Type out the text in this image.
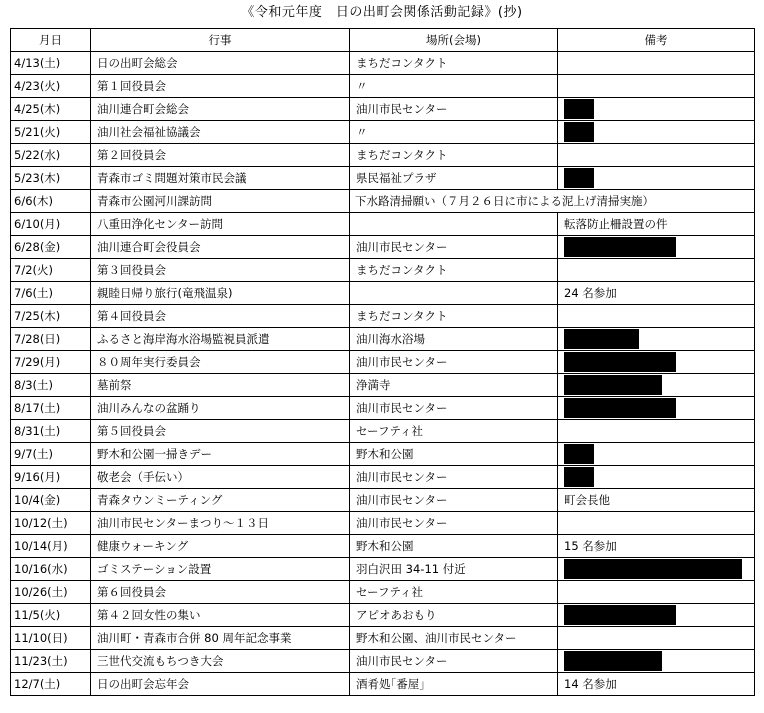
《令和元年度　日の出町会関係活動記録》(抄)
月日	行事	場所(会場)	備考
4/13(土)	日の出町会総会	まちだコンタクト	
4/23(火)	第１回役員会	〃	
4/25(木)	油川連合町会総会	油川市民センター	
5/21(火)	油川社会福祉協議会	〃	
5/22(水)	第２回役員会	まちだコンタクト	
5/23(木)	青森市ゴミ問題対策市民会議	県民福祉プラザ	
6/6(木)	青森市公園河川課訪問	下水路清掃願い（７月２６日に市による泥上げ清掃実施）	
6/10(月)	八重田浄化センター訪問		転落防止柵設置の件
6/28(金)	油川連合町会役員会	油川市民センター	
7/2(火)	第３回役員会	まちだコンタクト	
7/6(土)	親睦日帰り旅行(竜飛温泉)		24 名参加
7/25(木)	第４回役員会	まちだコンタクト	
7/28(日)	ふるさと海岸海水浴場監視員派遣	油川海水浴場	
7/29(月)	８０周年実行委員会	油川市民センター	
8/3(土)	墓前祭	浄満寺	
8/17(土)	油川みんなの盆踊り	油川市民センター	
8/31(土)	第５回役員会	セーフティ社	
9/7(土)	野木和公園一掃きデー	野木和公園	
9/16(月)	敬老会（手伝い）	油川市民センター	
10/4(金)	青森タウンミーティング	油川市民センター	町会長他
10/12(土)	油川市民センターまつり～１３日	油川市民センター	
10/14(月)	健康ウォーキング	野木和公園	15 名参加
10/16(水)	ゴミステーション設置	羽白沢田 34-11 付近	
10/26(土)	第６回役員会	セーフティ社	
11/5(火)	第４２回女性の集い	アピオあおもり	
11/10(日)	油川町・青森市合併 80 周年記念事業	野木和公園、油川市民センター	
11/23(土)	三世代交流もちつき大会	油川市民センター	
12/7(土)	日の出町会忘年会	酒肴処｢番屋｣	14 名参加
